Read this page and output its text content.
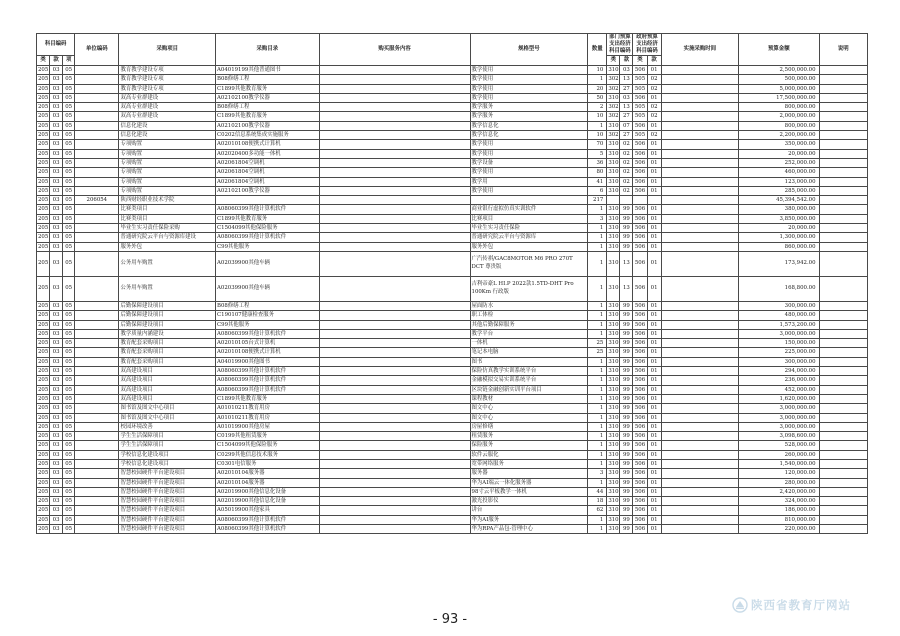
科目编码			单位编码	采购项目	采购目录	购买服务内容	规格型号	数量	部门预算支出经济科目编码		政府预算支出经济科目编码		实施采购时间	预算金额	说明
类	款	项							类	款	类	款			
205	03	05		教育教学建设专项	A04019199其他普通图书		教学使用	10	310	03	506	01		2,500,000.00	
205	03	05		教育教学建设专项	B08修缮工程		教学使用	1	302	13	505	02		500,000.00	
205	03	05		教育教学建设专项	C1899其他教育服务		教学使用	20	302	27	505	02		5,000,000.00	
205	03	05		双高专业群建设	A02102100教学仪器		教学使用	50	310	03	506	01		17,500,000.00	
205	03	05		双高专业群建设	B08修缮工程		教学服务	2	302	13	505	02		800,000.00	
205	03	05		双高专业群建设	C1899其他教育服务		教学服务	10	302	27	505	02		2,000,000.00	
205	03	05		信息化建设	A02102100教学仪器		教学信息化	1	310	07	506	01		800,000.00	
205	03	05		信息化建设	C0202信息系统集成实施服务		教学信息化	10	302	27	505	02		2,200,000.00	
205	03	05		专项购置	A02010108便携式计算机		教学使用	70	310	02	506	01		350,000.00	
205	03	05		专项购置	A02020400多功能一体机		教学使用	5	310	02	506	01		20,000.00	
205	03	05		专项购置	A02061804空调机		教学设备	36	310	02	506	01		252,000.00	
205	03	05		专项购置	A02061804空调机		教学使用	80	310	02	506	01		460,000.00	
205	03	05		专项购置	A02061804空调机		教学用	41	310	02	506	01		123,000.00	
205	03	05		专项购置	A02102100教学仪器		教学使用	6	310	02	506	01		285,000.00	
205	03	05	206054	陕西财经职业技术学院				217						45,394,542.00	
205	03	05		比赛类项目	A08060399其他计算机软件		商业银行虚拟仿真实训软件	1	310	99	506	01		380,000.00	
205	03	05		比赛类项目	C1899其他教育服务		比赛项目	3	310	99	506	01		3,850,000.00	
205	03	05		毕业生实习责任保险采购	C1504099其他保险服务		毕业生实习责任保险	1	310	99	506	01		20,000.00	
205	03	05		普通研究院云平台与资源库建设	A08060399其他计算机软件		普通研究院云平台与资源库	1	310	99	506	01		1,300,000.00	
205	03	05		服务外包	C99其他服务		服务外包	1	310	99	506	01		860,000.00	
205	03	05		公务用车购置	A02039900其他车辆		广汽传祺/GAC8MOTOR M6 PRO 270T DCT 尊贵版	1	310	13	506	01		173,942.00	
205	03	05		公务用车购置	A02039900其他车辆		吉利帝豪L HI.P 2022款1.5TD-DHT Pro 100Km 行政版	1	310	13	506	01		168,800.00	
205	03	05		后勤保障建设项目	B08修缮工程		屋面防水	1	310	99	506	01		300,000.00	
205	03	05		后勤保障建设项目	C190107健康检查服务		职工体检	1	310	99	506	01		480,000.00	
205	03	05		后勤保障建设项目	C99其他服务		其他后勤保障服务	1	310	99	506	01		1,573,200.00	
205	03	05		教学质量内涵建设	A08060399其他计算机软件		教学平台	1	310	99	506	01		3,000,000.00	
205	03	05		教育配套采购项目	A02010105台式计算机		一体机	25	310	99	506	01		150,000.00	
205	03	05		教育配套采购项目	A02010108便携式计算机		笔记本电脑	25	310	99	506	01		225,000.00	
205	03	05		教育配套采购项目	A04019900其他图书		图书	1	310	99	506	01		300,000.00	
205	03	05		双高建设项目	A08060399其他计算机软件		保险仿真教学实训系统平台	1	310	99	506	01		294,000.00	
205	03	05		双高建设项目	A08060399其他计算机软件		金融模拟交易实训系统平台	1	310	99	506	01		236,000.00	
205	03	05		双高建设项目	A08060399其他计算机软件		区块链金融创新实训平台项目	1	310	99	506	01		452,000.00	
205	03	05		双高建设项目	C1899其他教育服务		课程教材	1	310	99	506	01		1,620,000.00	
205	03	05		图书馆及图文中心项目	A01010211教育用房		图文中心	1	310	99	506	01		3,000,000.00	
205	03	05		图书馆及图文中心项目	A01010211教育用房		图文中心	1	310	99	506	01		3,000,000.00	
205	03	05		校园环境改善	A01019900其他房屋		房屋修缮	1	310	99	506	01		3,000,000.00	
205	03	05		学生生活保障项目	C0199其他租赁服务		租赁服务	1	310	99	506	01		3,098,600.00	
205	03	05		学生生活保障项目	C1504099其他保险服务		保险服务	1	310	99	506	01		528,000.00	
205	03	05		学校信息化建设项目	C0299其他信息技术服务		软件云服化	1	310	99	506	01		260,000.00	
205	03	05		学校信息化建设项目	C0301电信服务		宽带网络服务	1	310	99	506	01		1,540,000.00	
205	03	05		智慧校园硬件平台建设项目	A02010104服务器		服务器	3	310	99	506	01		120,000.00	
205	03	05		智慧校园硬件平台建设项目	A02010104服务器		华为AI端云一体化服务器	1	310	99	506	01		280,000.00	
205	03	05		智慧校园硬件平台建设项目	A02019900其他信息化设备		98寸云平板教学一体机	44	310	99	506	01		2,420,000.00	
205	03	05		智慧校园硬件平台建设项目	A02019900其他信息化设备		激光投影仪	18	310	99	506	01		324,000.00	
205	03	05		智慧校园硬件平台建设项目	A05019900其他家具		讲台	62	310	99	506	01		186,000.00	
205	03	05		智慧校园硬件平台建设项目	A08060399其他计算机软件		华为AI服务	1	310	99	506	01		810,000.00	
205	03	05		智慧校园硬件平台建设项目	A08060399其他计算机软件		华为RPA产品包-管理中心	1	310	99	506	01		220,000.00	
- 93 -
陕西省教育厅网站
